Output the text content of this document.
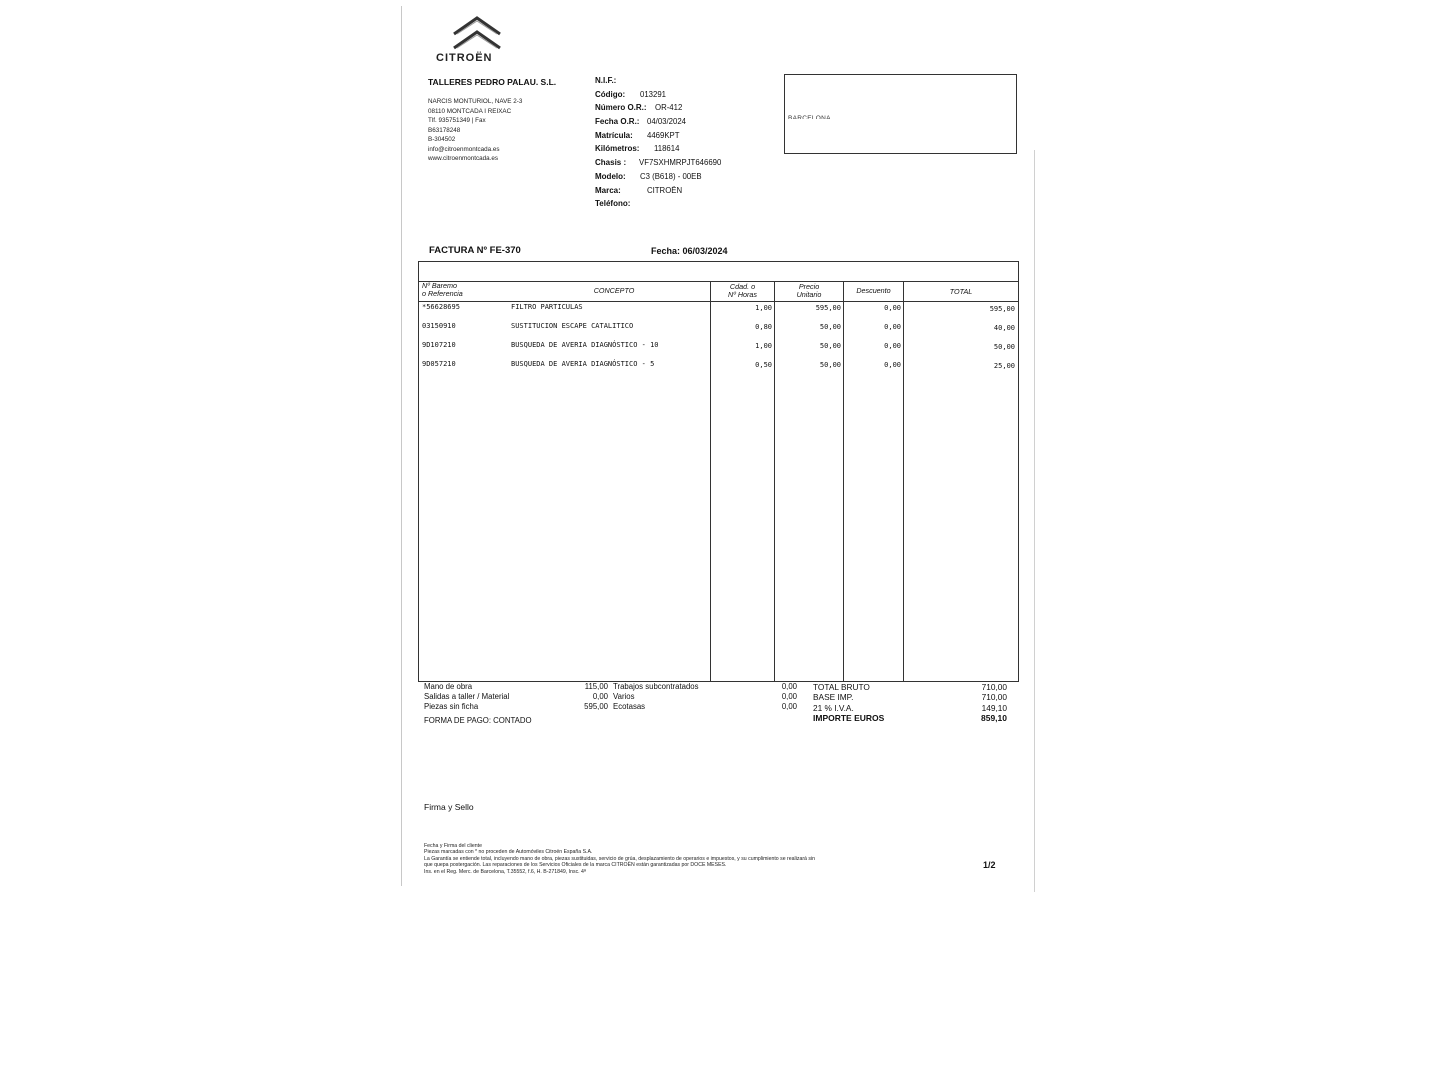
CITROËN
TALLERES PEDRO PALAU. S.L.
NARCIS MONTURIOL, NAVE 2-3
08110 MONTCADA I REIXAC
Tlf. 935751349 | Fax
B63178248
B-304502
info@citroenmontcada.es
www.citroenmontcada.es
N.I.F.:
Código: 013291
Número O.R.: OR-412
Fecha O.R.: 04/03/2024
Matrícula: 4469KPT
Kilómetros: 118614
Chasis : VF7SXHMRPJT646690
Modelo: C3 (B618) - 00EB
Marca:	CITROËN
Teléfono:
BARCELONA
FACTURA Nº FE-370	Fecha: 06/03/2024
Nº Baremo
o Referencia	CONCEPTO	Cdad. o
Nº Horas
Precio
Unitario	Descuento	TOTAL
*56628695	FILTRO PARTICULAS	1,00	595,00	0,00	595,00
03150910	SUSTITUCION ESCAPE CATALITICO	0,80	50,00	0,00	40,00
9D107210	BUSQUEDA DE AVERIA DIAGNÓSTICO - 10	1,00	50,00	0,00	50,00
9D057210	BUSQUEDA DE AVERIA DIAGNÓSTICO - 5	0,50	50,00	0,00	25,00
Mano de obra	115,00
Salidas a taller / Material	0,00
Piezas sin ficha	595,00
FORMA DE PAGO: CONTADO
Trabajos subcontratados	0,00
Varios	0,00
Ecotasas	0,00
TOTAL BRUTO	710,00
BASE IMP.	710,00
21 % I.V.A.	149,10
IMPORTE EUROS	859,10
Firma y Sello
Fecha y Firma del cliente
Piezas marcadas con * no proceden de Automóviles Citroën España S.A.
La Garantía se entiende total, incluyendo mano de obra, piezas sustituidas, servicio de grúa, desplazamiento de operarios e impuestos, y su cumplimiento se realizará sin
que quepa postergación. Las reparaciones de los Servicios Oficiales de la marca CITROËN están garantizadas por DOCE MESES.
Ins. en el Reg. Merc. de Barcelona, T.35552, f.6, H. B-271849, Insc. 4ª
1/2
